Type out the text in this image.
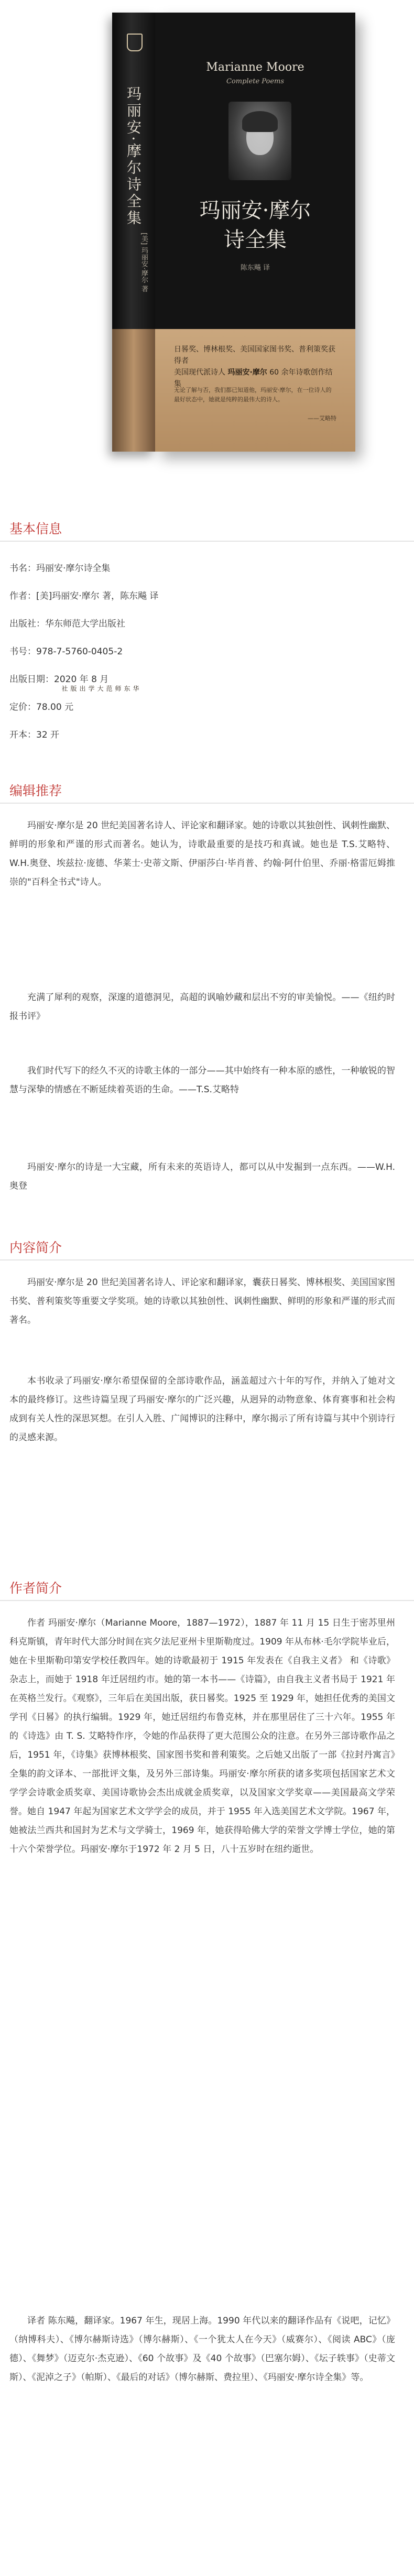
玛丽安·摩尔诗全集
[美] 玛丽安·摩尔 著
华东师范大学出版社
Marianne Moore
Complete Poems
玛丽安·摩尔
诗全集
陈东飚 译
日晷奖、博林根奖、美国国家图书奖、普利策奖获得者
美国现代派诗人 玛丽安·摩尔 60 余年诗歌创作结集
无论了解与否，我们都已知道他，玛丽安·摩尔，在一位诗人的最好状态中，她就是纯粹的最伟大的诗人。
——艾略特
基本信息
书名：玛丽安·摩尔诗全集
作者：[美]玛丽安·摩尔 著，陈东飚 译
出版社：华东师范大学出版社
书号：978-7-5760-0405-2
出版日期：2020 年 8 月
定价：78.00 元
开本：32 开
编辑推荐

玛丽安·摩尔是 20 世纪美国著名诗人、评论家和翻译家。她的诗歌以其独创性、讽刺性幽默、鲜明的形象和严谨的形式而著名。她认为，诗歌最重要的是技巧和真诚。她也是 T.S.艾略特、W.H.奥登、埃兹拉·庞德、华莱士·史蒂文斯、伊丽莎白·毕肖普、约翰·阿什伯里、乔丽·格雷厄姆推崇的"百科全书式"诗人。

充满了犀利的观察，深邃的道德洞见，高超的讽喻妙藏和层出不穷的审美愉悦。——《纽约时报书评》

我们时代写下的经久不灭的诗歌主体的一部分——其中始终有一种本原的感性，一种敏锐的智慧与深挚的情感在不断延续着英语的生命。——T.S.艾略特

玛丽安·摩尔的诗是一大宝藏，所有未来的英语诗人，都可以从中发掘到一点东西。——W.H.奥登

内容简介

玛丽安·摩尔是 20 世纪美国著名诗人、评论家和翻译家，囊获日晷奖、博林根奖、美国国家图书奖、普利策奖等重要文学奖项。她的诗歌以其独创性、讽刺性幽默、鲜明的形象和严谨的形式而著名。

本书收录了玛丽安·摩尔希望保留的全部诗歌作品，涵盖超过六十年的写作，并纳入了她对文本的最终修订。这些诗篇呈现了玛丽安·摩尔的广泛兴趣，从迥异的动物意象、体育赛事和社会构成到有关人性的深思冥想。在引人入胜、广闻博识的注释中，摩尔揭示了所有诗篇与其中个别诗行的灵感来源。

作者简介

作者 玛丽安·摩尔（Marianne Moore，1887—1972），1887 年 11 月 15 日生于密苏里州科克斯镇，青年时代大部分时间在宾夕法尼亚州卡里斯勒度过。1909 年从布林·毛尔学院毕业后，她在卡里斯勒印第安学校任教四年。她的诗歌最初于 1915 年发表在《自我主义者》 和《诗歌》杂志上，而她于 1918 年迁居纽约市。她的第一本书——《诗篇》，由自我主义者书局于 1921 年在英格兰发行。《观察》，三年后在美国出版，获日晷奖。1925 至 1929 年，她担任优秀的美国文学刊《日晷》的执行编辑。1929 年，她迁居纽约布鲁克林，并在那里居住了三十六年。1955 年的《诗选》由 T. S. 艾略特作序，令她的作品获得了更大范围公众的注意。在另外三部诗歌作品之后，1951 年，《诗集》获博林根奖、国家图书奖和普利策奖。之后她又出版了一部《拉封丹寓言》全集的韵文译本、一部批评文集，及另外三部诗集。玛丽安·摩尔所获的诸多奖项包括国家艺术文学学会诗歌金质奖章、美国诗歌协会杰出成就金质奖章，以及国家文学奖章——美国最高文学荣誉。她自 1947 年起为国家艺术文学学会的成员，并于 1955 年入选美国艺术文学院。1967 年，她被法兰西共和国封为艺术与文学骑士，1969 年，她获得哈佛大学的荣誉文学博士学位，她的第十六个荣誉学位。玛丽安·摩尔于1972 年 2 月 5 日，八十五岁时在纽约逝世。

译者 陈东飚，翻译家。1967 年生，现居上海。1990 年代以来的翻译作品有《说吧，记忆》（纳博科夫）、《博尔赫斯诗选》（博尔赫斯）、《一个犹太人在今天》（威赛尔）、《阅读 ABC》（庞德）、《舞梦》（迈克尔·杰克逊）、《60 个故事》及《40 个故事》（巴塞尔姆）、《坛子轶事》（史蒂文斯）、《泥淖之子》（帕斯）、《最后的对话》（博尔赫斯、费拉里）、《玛丽安·摩尔诗全集》等。
